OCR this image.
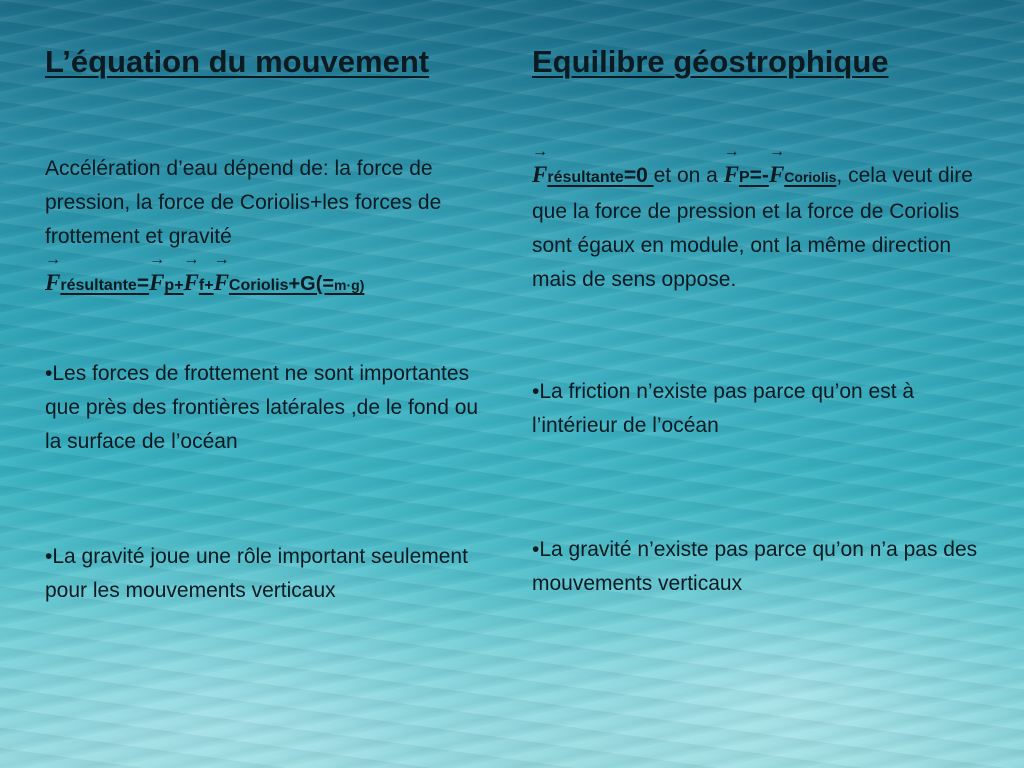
L’équation du mouvement	Equilibre géostrophique

Accélération d’eau dépend de: la force de pression, la force de Coriolis+les forces de frottement et gravité

→ Frésultante=→ Fp+→ Ff+→ FCoriolis+G(=m·g)

•Les forces de frottement ne sont importantes que près des frontières latérales ,de le fond ou la surface de l’océan

•La gravité joue une rôle important seulement pour les mouvements verticaux

→ Frésultante=0 et on a → FP=-→ FCoriolis, cela veut dire que la force de pression et la force de Coriolis sont égaux en module, ont la même direction mais de sens oppose.

•La friction n’existe pas parce qu’on est à l’intérieur de l’océan

•La gravité n’existe pas parce qu’on n’a pas des mouvements verticaux
